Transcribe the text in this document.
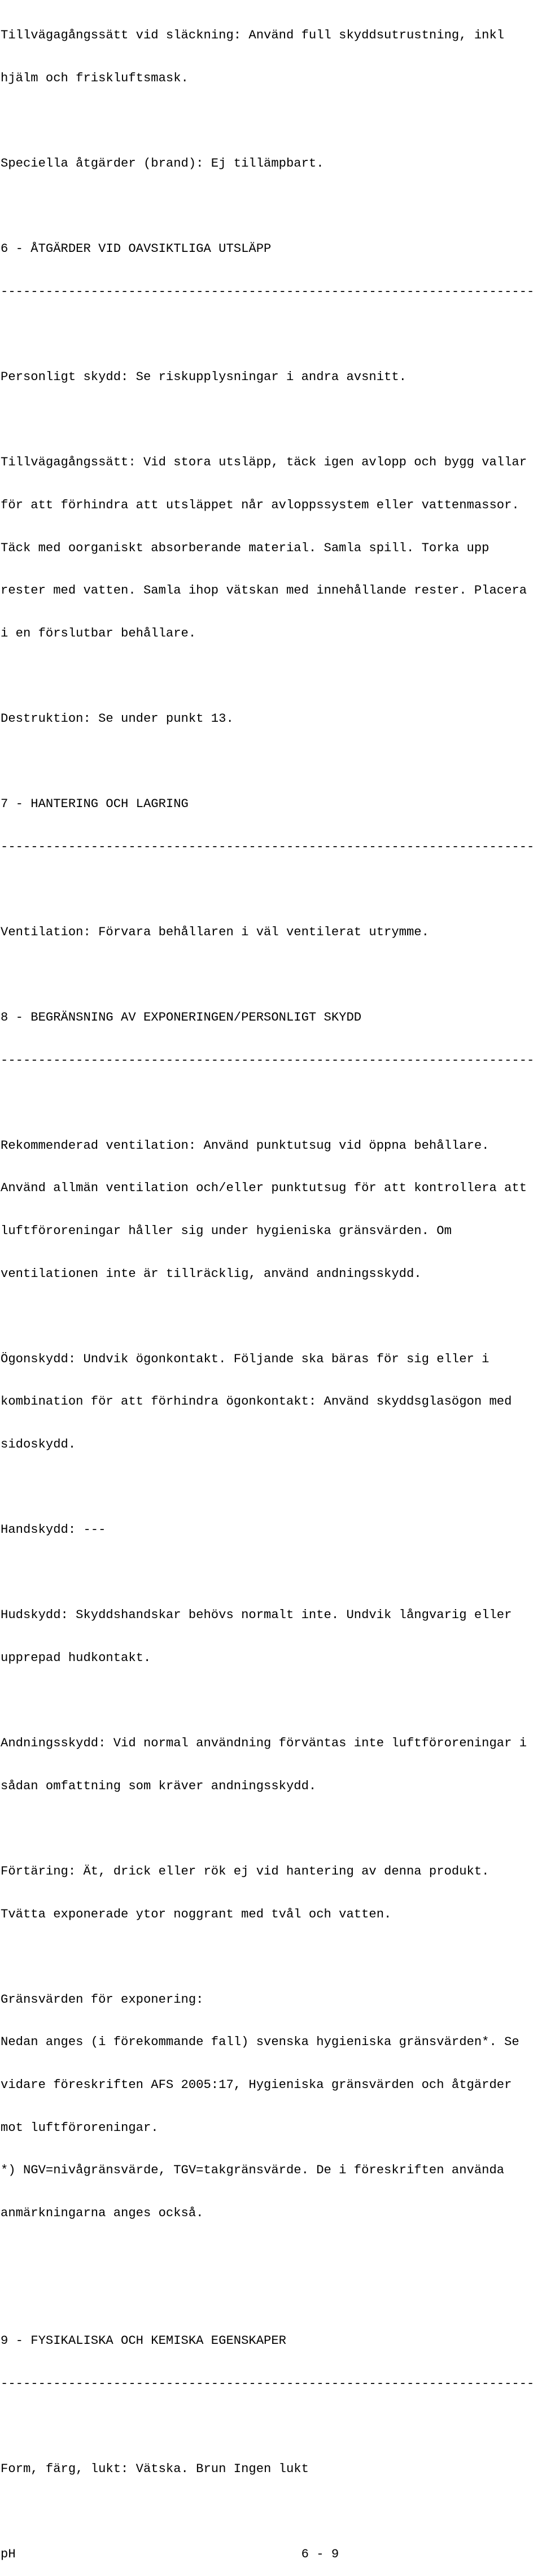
Tillvägagångssätt vid släckning: Använd full skyddsutrustning, inkl

hjälm och friskluftsmask.

Speciella åtgärder (brand): Ej tillämpbart.

6 - ÅTGÄRDER VID OAVSIKTLIGA UTSLÄPP

-----------------------------------------------------------------------

Personligt skydd: Se riskupplysningar i andra avsnitt.

Tillvägagångssätt: Vid stora utsläpp, täck igen avlopp och bygg vallar

för att förhindra att utsläppet når avloppssystem eller vattenmassor.

Täck med oorganiskt absorberande material. Samla spill. Torka upp

rester med vatten. Samla ihop vätskan med innehållande rester. Placera

i en förslutbar behållare.

Destruktion: Se under punkt 13.

7 - HANTERING OCH LAGRING

-----------------------------------------------------------------------

Ventilation: Förvara behållaren i väl ventilerat utrymme.

8 - BEGRÄNSNING AV EXPONERINGEN/PERSONLIGT SKYDD

-----------------------------------------------------------------------

Rekommenderad ventilation: Använd punktutsug vid öppna behållare.

Använd allmän ventilation och/eller punktutsug för att kontrollera att

luftföroreningar håller sig under hygieniska gränsvärden. Om

ventilationen inte är tillräcklig, använd andningsskydd.

Ögonskydd: Undvik ögonkontakt. Följande ska bäras för sig eller i

kombination för att förhindra ögonkontakt: Använd skyddsglasögon med

sidoskydd.

Handskydd: ---

Hudskydd: Skyddshandskar behövs normalt inte. Undvik långvarig eller

upprepad hudkontakt.

Andningsskydd: Vid normal användning förväntas inte luftföroreningar i

sådan omfattning som kräver andningsskydd.

Förtäring: Ät, drick eller rök ej vid hantering av denna produkt.

Tvätta exponerade ytor noggrant med tvål och vatten.

Gränsvärden för exponering:

Nedan anges (i förekommande fall) svenska hygieniska gränsvärden*. Se

vidare föreskriften AFS 2005:17, Hygieniska gränsvärden och åtgärder

mot luftföroreningar.

*) NGV=nivågränsvärde, TGV=takgränsvärde. De i föreskriften använda

anmärkningarna anges också.

9 - FYSIKALISKA OCH KEMISKA EGENSKAPER

-----------------------------------------------------------------------

Form, färg, lukt: Vätska. Brun Ingen lukt

pH                                      6 - 9
